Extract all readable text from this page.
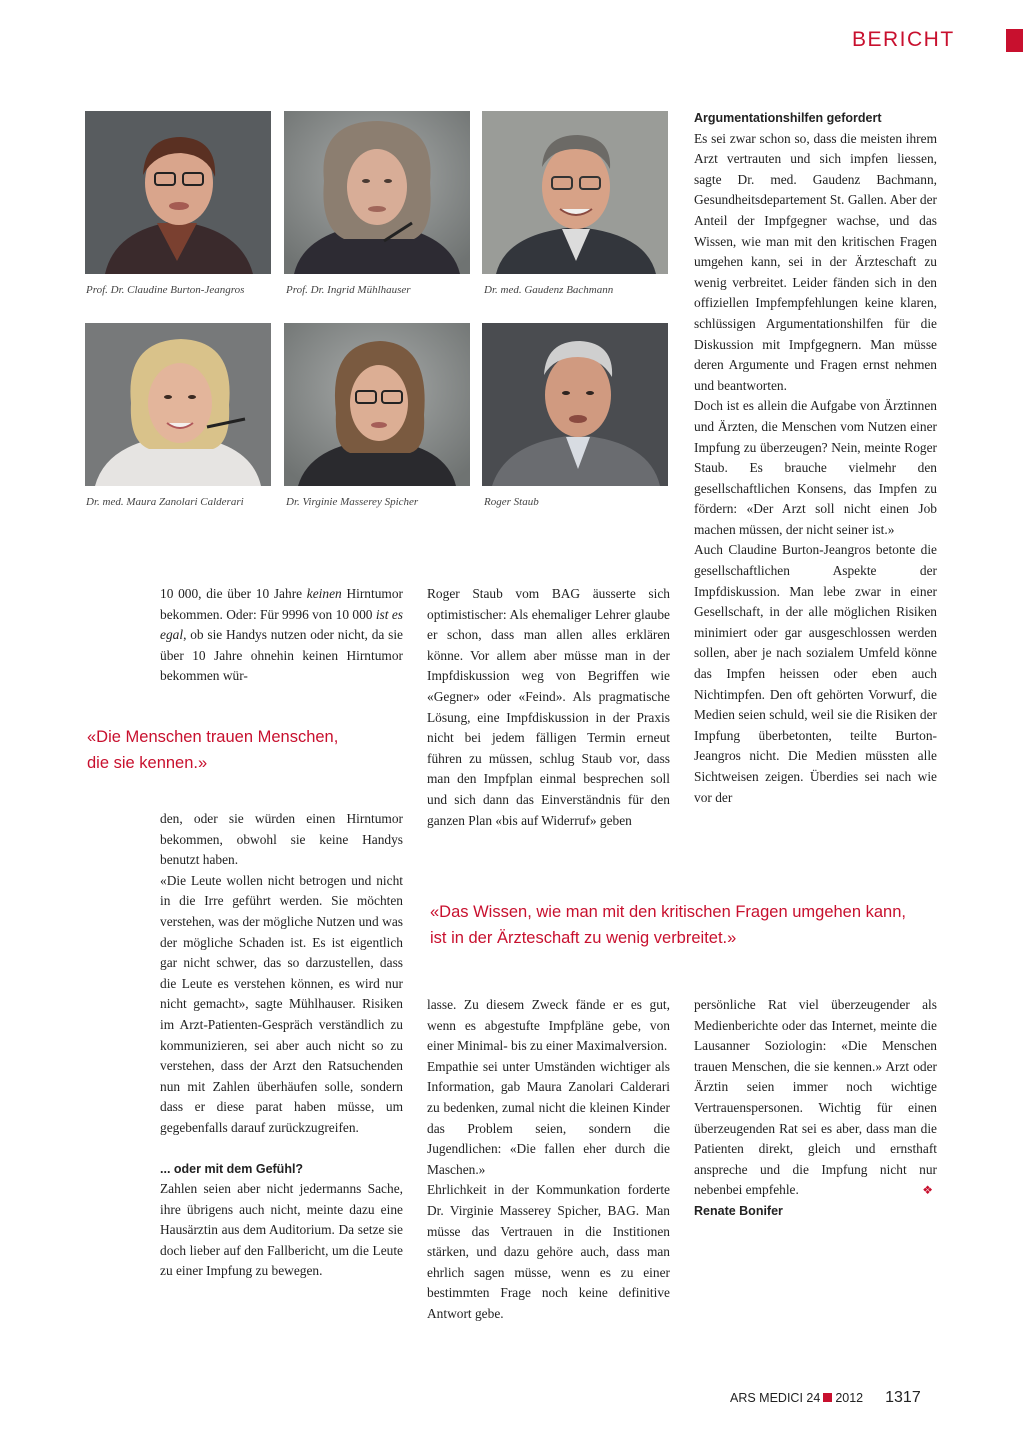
BERICHT
Prof. Dr. Claudine Burton-Jeangros	Prof. Dr. Ingrid Mühlhauser	Dr. med. Gaudenz Bachmann
Dr. med. Maura Zanolari Calderari	Dr. Virginie Masserey Spicher	Roger Staub

10 000, die über 10 Jahre keinen Hirntumor bekommen. Oder: Für 9996 von 10 000 ist es egal, ob sie Handys nutzen oder nicht, da sie über 10 Jahre ohnehin keinen Hirntumor bekommen wür-

«Die Menschen trauen Menschen,
die sie kennen.»

den, oder sie würden einen Hirntumor bekommen, obwohl sie keine Handys benutzt haben.

«Die Leute wollen nicht betrogen und nicht in die Irre geführt werden. Sie möchten verstehen, was der mögliche Nutzen und was der mögliche Schaden ist. Es ist eigentlich gar nicht schwer, das so darzustellen, dass die Leute es verstehen können, es wird nur nicht gemacht», sagte Mühlhauser. Risiken im Arzt-Patienten-Gespräch verständlich zu kommunizieren, sei aber auch nicht so zu verstehen, dass der Arzt den Ratsuchenden nun mit Zahlen überhäufen solle, sondern dass er diese parat haben müsse, um gegebenfalls darauf zurückzugreifen.

... oder mit dem Gefühl?

Zahlen seien aber nicht jedermanns Sache, ihre übrigens auch nicht, meinte dazu eine Hausärztin aus dem Auditorium. Da setze sie doch lieber auf den Fallbericht, um die Leute zu einer Impfung zu bewegen.

Roger Staub vom BAG äusserte sich optimistischer: Als ehemaliger Lehrer glaube er schon, dass man allen alles erklären könne. Vor allem aber müsse man in der Impfdiskussion weg von Begriffen wie «Gegner» oder «Feind». Als pragmatische Lösung, eine Impfdiskussion in der Praxis nicht bei jedem fälligen Termin erneut führen zu müssen, schlug Staub vor, dass man den Impfplan einmal besprechen soll und sich dann das Einverständnis für den ganzen Plan «bis auf Widerruf» geben

«Das Wissen, wie man mit den kritischen Fragen umgehen kann,
ist in der Ärzteschaft zu wenig verbreitet.»

lasse. Zu diesem Zweck fände er es gut, wenn es abgestufte Impfpläne gebe, von einer Minimal- bis zu einer Maximalversion.

Empathie sei unter Umständen wichtiger als Information, gab Maura Zanolari Calderari zu bedenken, zumal nicht die kleinen Kinder das Problem seien, sondern die Jugendlichen: «Die fallen eher durch die Maschen.»

Ehrlichkeit in der Kommunkation forderte Dr. Virginie Masserey Spicher, BAG. Man müsse das Vertrauen in die Institionen stärken, und dazu gehöre auch, dass man ehrlich sagen müsse, wenn es zu einer bestimmten Frage noch keine definitive Antwort gebe.

Argumentationshilfen gefordert

Es sei zwar schon so, dass die meisten ihrem Arzt vertrauten und sich impfen liessen, sagte Dr. med. Gaudenz Bachmann, Gesundheitsdepartement St. Gallen. Aber der Anteil der Impfgegner wachse, und das Wissen, wie man mit den kritischen Fragen umgehen kann, sei in der Ärzteschaft zu wenig verbreitet. Leider fänden sich in den offiziellen Impfempfehlungen keine klaren, schlüssigen Argumentationshilfen für die Diskussion mit Impfgegnern. Man müsse deren Argumente und Fragen ernst nehmen und beantworten.

Doch ist es allein die Aufgabe von Ärztinnen und Ärzten, die Menschen vom Nutzen einer Impfung zu überzeugen? Nein, meinte Roger Staub. Es brauche vielmehr den gesellschaftlichen Konsens, das Impfen zu fördern: «Der Arzt soll nicht einen Job machen müssen, der nicht seiner ist.»

Auch Claudine Burton-Jeangros betonte die gesellschaftlichen Aspekte der Impfdiskussion. Man lebe zwar in einer Gesellschaft, in der alle möglichen Risiken minimiert oder gar ausgeschlossen werden sollen, aber je nach sozialem Umfeld könne das Impfen heissen oder eben auch Nichtimpfen. Den oft gehörten Vorwurf, die Medien seien schuld, weil sie die Risiken der Impfung überbetonten, teilte Burton-Jeangros nicht. Die Medien müssten alle Sichtweisen zeigen. Überdies sei nach wie vor der

persönliche Rat viel überzeugender als Medienberichte oder das Internet, meinte die Lausanner Soziologin: «Die Menschen trauen Menschen, die sie kennen.» Arzt oder Ärztin seien immer noch wichtige Vertrauenspersonen. Wichtig für einen überzeugenden Rat sei es aber, dass man die Patienten direkt, gleich und ernsthaft anspreche und die Impfung nicht nur nebenbei empfehle.	❖

Renate Bonifer

ARS MEDICI 24 2012 1317
